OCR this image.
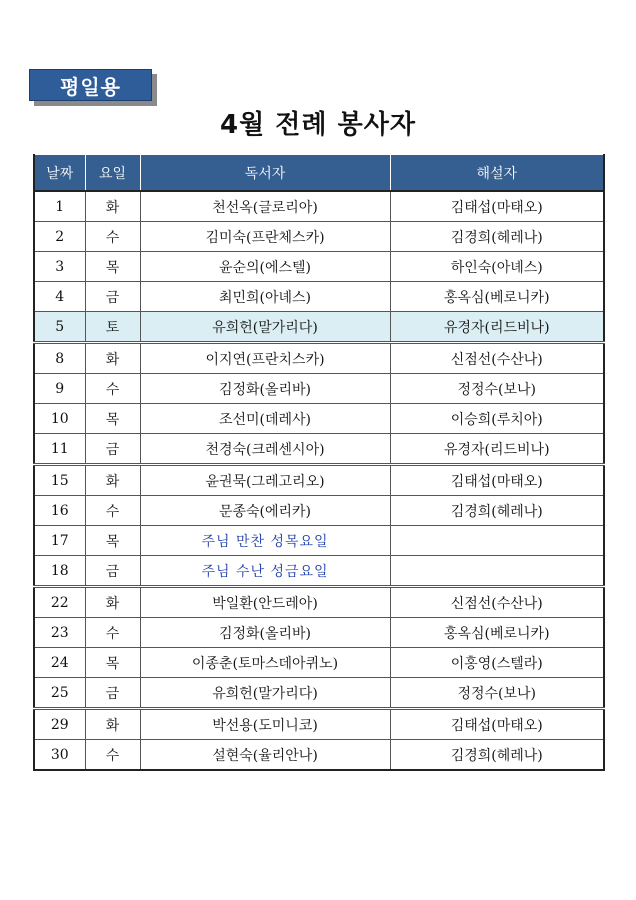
평일용
4월 전례 봉사자
날짜	요일	독서자	해설자
1	화	천선옥(글로리아)	김태섭(마태오)
2	수	김미숙(프란체스카)	김경희(헤레나)
3	목	윤순의(에스텔)	하인숙(아녜스)
4	금	최민희(아녜스)	홍옥심(베로니카)
5	토	유희헌(말가리다)	유경자(리드비나)
8	화	이지연(프란치스카)	신점선(수산나)
9	수	김정화(올리바)	정정수(보나)
10	목	조선미(데레사)	이승희(루치아)
11	금	천경숙(크레센시아)	유경자(리드비나)
15	화	윤권묵(그레고리오)	김태섭(마태오)
16	수	문종숙(에리카)	김경희(헤레나)
17	목	주님 만찬 성목요일	
18	금	주님 수난 성금요일	
22	화	박일환(안드레아)	신점선(수산나)
23	수	김정화(올리바)	홍옥심(베로니카)
24	목	이종춘(토마스데아퀴노)	이홍영(스텔라)
25	금	유희헌(말가리다)	정정수(보나)
29	화	박선용(도미니코)	김태섭(마태오)
30	수	설현숙(율리안나)	김경희(헤레나)
